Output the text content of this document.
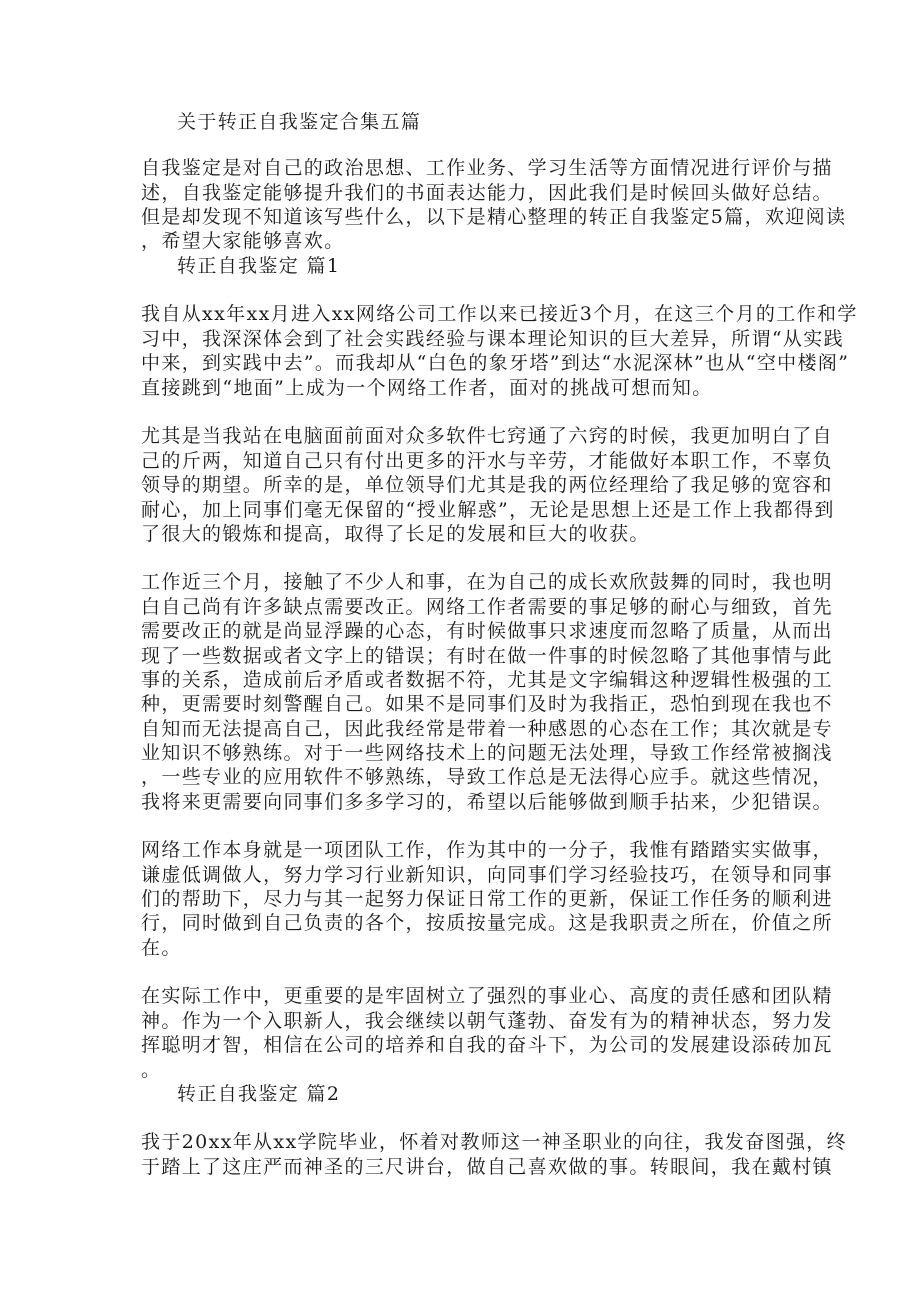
关于转正自我鉴定合集五篇
自我鉴定是对自己的政治思想、工作业务、学习生活等方面情况进行评价与描
述，自我鉴定能够提升我们的书面表达能力，因此我们是时候回头做好总结。
但是却发现不知道该写些什么，以下是精心整理的转正自我鉴定5篇，欢迎阅读
，希望大家能够喜欢。
转正自我鉴定 篇1
我自从xx年xx月进入xx网络公司工作以来已接近3个月，在这三个月的工作和学
习中，我深深体会到了社会实践经验与课本理论知识的巨大差异，所谓“从实践
中来，到实践中去”。而我却从“白色的象牙塔”到达“水泥深林”也从“空中楼阁”
直接跳到“地面”上成为一个网络工作者，面对的挑战可想而知。
尤其是当我站在电脑面前面对众多软件七窍通了六窍的时候，我更加明白了自
己的斤两，知道自己只有付出更多的汗水与辛劳，才能做好本职工作，不辜负
领导的期望。所幸的是，单位领导们尤其是我的两位经理给了我足够的宽容和
耐心，加上同事们毫无保留的“授业解惑”，无论是思想上还是工作上我都得到
了很大的锻炼和提高，取得了长足的发展和巨大的收获。
工作近三个月，接触了不少人和事，在为自己的成长欢欣鼓舞的同时，我也明
白自己尚有许多缺点需要改正。网络工作者需要的事足够的耐心与细致，首先
需要改正的就是尚显浮躁的心态，有时候做事只求速度而忽略了质量，从而出
现了一些数据或者文字上的错误；有时在做一件事的时候忽略了其他事情与此
事的关系，造成前后矛盾或者数据不符，尤其是文字编辑这种逻辑性极强的工
种，更需要时刻警醒自己。如果不是同事们及时为我指正，恐怕到现在我也不
自知而无法提高自己，因此我经常是带着一种感恩的心态在工作；其次就是专
业知识不够熟练。对于一些网络技术上的问题无法处理，导致工作经常被搁浅
，一些专业的应用软件不够熟练，导致工作总是无法得心应手。就这些情况，
我将来更需要向同事们多多学习的，希望以后能够做到顺手拈来，少犯错误。
网络工作本身就是一项团队工作，作为其中的一分子，我惟有踏踏实实做事，
谦虚低调做人，努力学习行业新知识，向同事们学习经验技巧，在领导和同事
们的帮助下，尽力与其一起努力保证日常工作的更新，保证工作任务的顺利进
行，同时做到自己负责的各个，按质按量完成。这是我职责之所在，价值之所
在。
在实际工作中，更重要的是牢固树立了强烈的事业心、高度的责任感和团队精
神。作为一个入职新人，我会继续以朝气蓬勃、奋发有为的精神状态，努力发
挥聪明才智，相信在公司的培养和自我的奋斗下，为公司的发展建设添砖加瓦
。
转正自我鉴定 篇2
我于20xx年从xx学院毕业，怀着对教师这一神圣职业的向往，我发奋图强，终
于踏上了这庄严而神圣的三尺讲台，做自己喜欢做的事。转眼间，我在戴村镇
